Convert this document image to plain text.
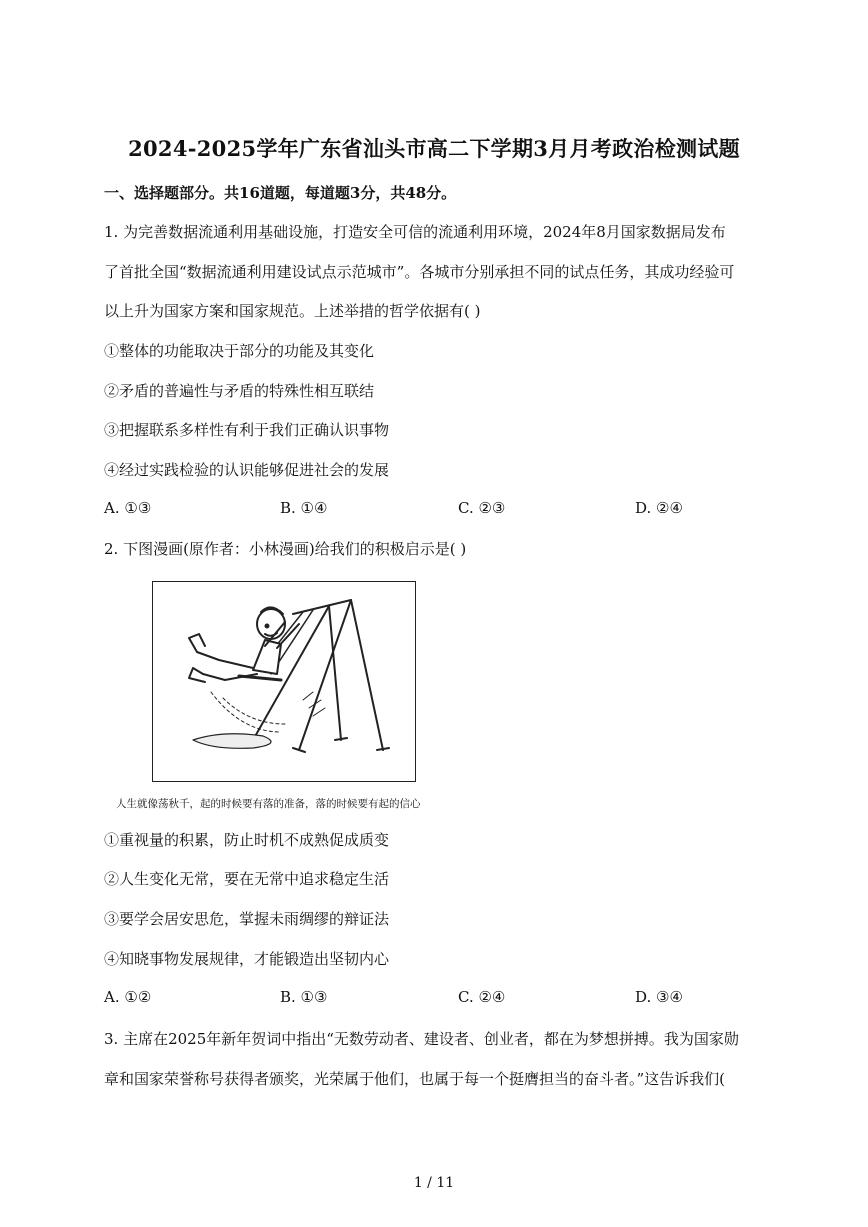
2024-2025学年广东省汕头市高二下学期3月月考政治检测试题
一、选择题部分。共16道题，每道题3分，共48分。
1. 为完善数据流通利用基础设施，打造安全可信的流通利用环境，2024年8月国家数据局发布
了首批全国“数据流通利用建设试点示范城市”。各城市分别承担不同的试点任务，其成功经验可
以上升为国家方案和国家规范。上述举措的哲学依据有( )
①整体的功能取决于部分的功能及其变化
②矛盾的普遍性与矛盾的特殊性相互联结
③把握联系多样性有利于我们正确认识事物
④经过实践检验的认识能够促进社会的发展
A. ①③	B. ①④	C. ②③	D. ②④
2. 下图漫画(原作者：小林漫画)给我们的积极启示是( )
人生就像荡秋千，起的时候要有落的准备，落的时候要有起的信心
①重视量的积累，防止时机不成熟促成质变
②人生变化无常，要在无常中追求稳定生活
③要学会居安思危，掌握未雨绸缪的辩证法
④知晓事物发展规律，才能锻造出坚韧内心
A. ①②	B. ①③	C. ②④	D. ③④
3. 主席在2025年新年贺词中指出“无数劳动者、建设者、创业者，都在为梦想拼搏。我为国家勋
章和国家荣誉称号获得者颁奖，光荣属于他们，也属于每一个挺膺担当的奋斗者。”这告诉我们(
1 / 11
